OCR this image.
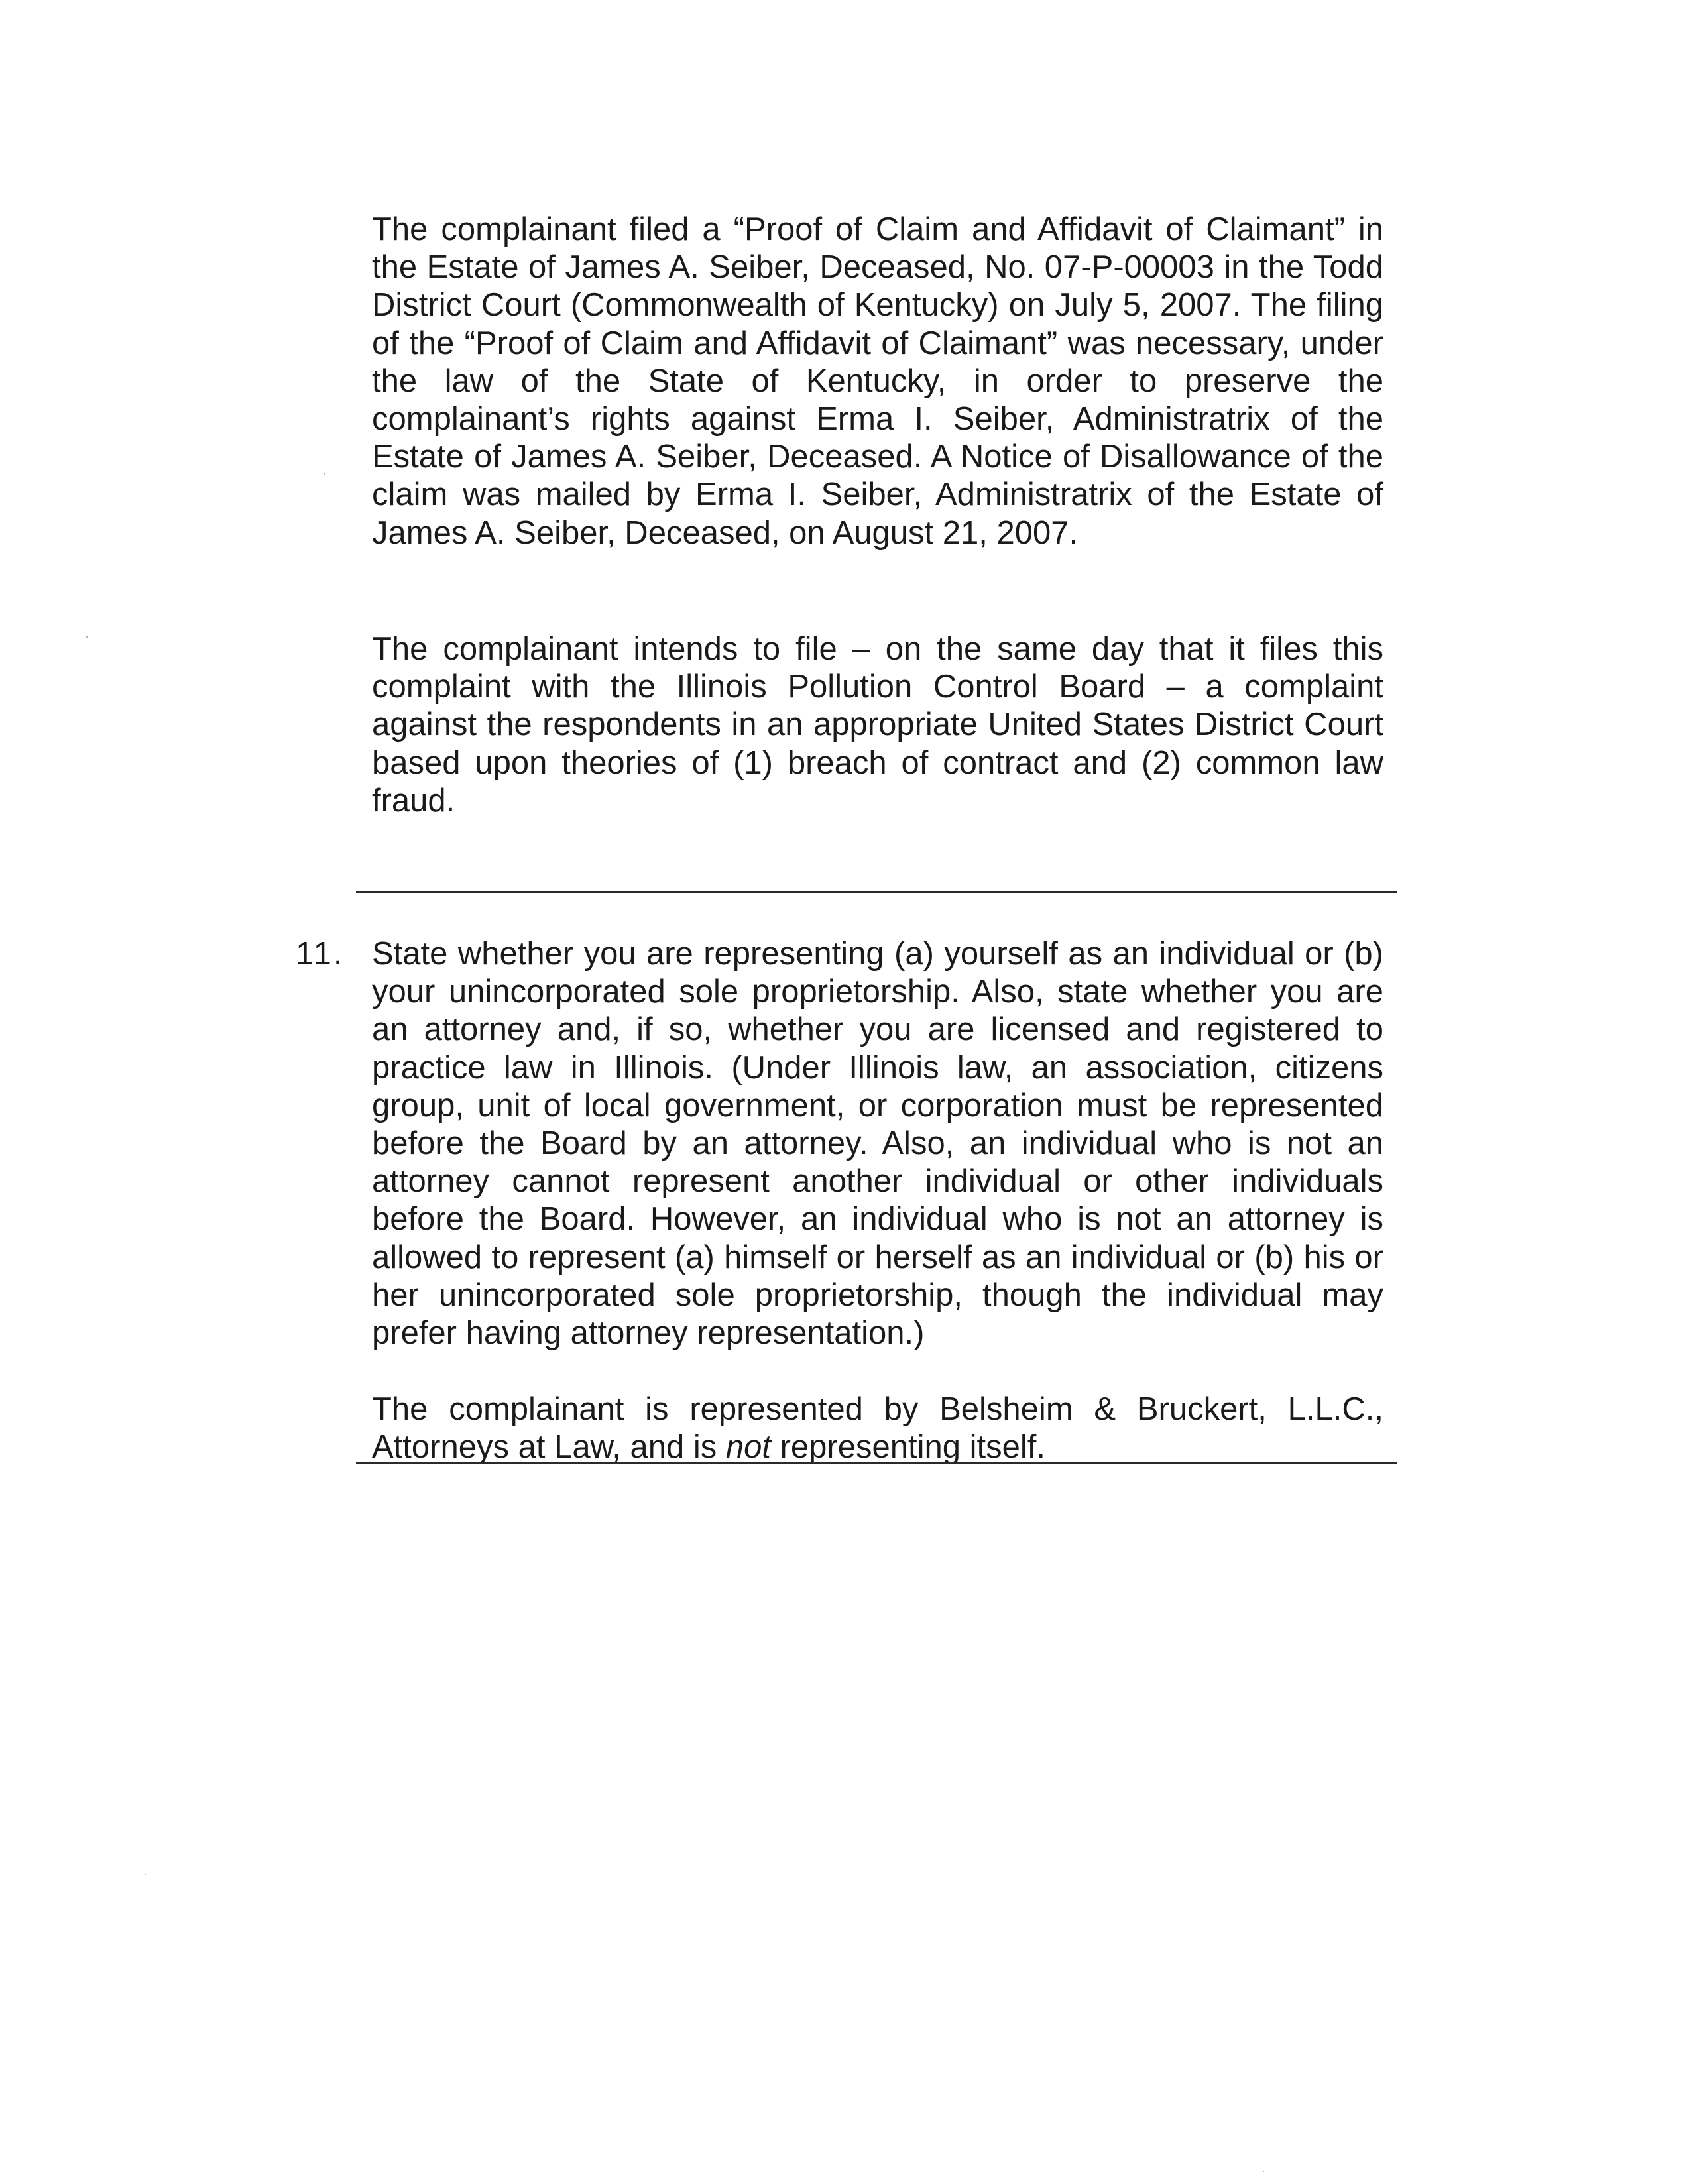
The complainant filed a “Proof of Claim and Affidavit of Claimant” in the Estate of James A. Seiber, Deceased, No. 07-P-00003 in the Todd District Court (Commonwealth of Kentucky) on July 5, 2007. The filing of the “Proof of Claim and Affidavit of Claimant” was necessary, under the law of the State of Kentucky, in order to preserve the complainant’s rights against Erma I. Seiber, Administratrix of the Estate of James A. Seiber, Deceased. A Notice of Disallowance of the claim was mailed by Erma I. Seiber, Administratrix of the Estate of James A. Seiber, Deceased, on August 21, 2007.

The complainant intends to file – on the same day that it files this complaint with the Illinois Pollution Control Board – a complaint against the respondents in an appropriate United States District Court based upon theories of (1) breach of contract and (2) common law fraud.

11. State whether you are representing (a) yourself as an individual or (b) your unincorporated sole proprietorship. Also, state whether you are an attorney and, if so, whether you are licensed and registered to practice law in Illinois. (Under Illinois law, an association, citizens group, unit of local government, or corporation must be represented before the Board by an attorney. Also, an individual who is not an attorney cannot represent another individual or other individuals before the Board. However, an individual who is not an attorney is allowed to represent (a) himself or herself as an individual or (b) his or her unincorporated sole proprietorship, though the individual may prefer having attorney representation.)

The complainant is represented by Belsheim & Bruckert, L.L.C., Attorneys at Law, and is not representing itself.
